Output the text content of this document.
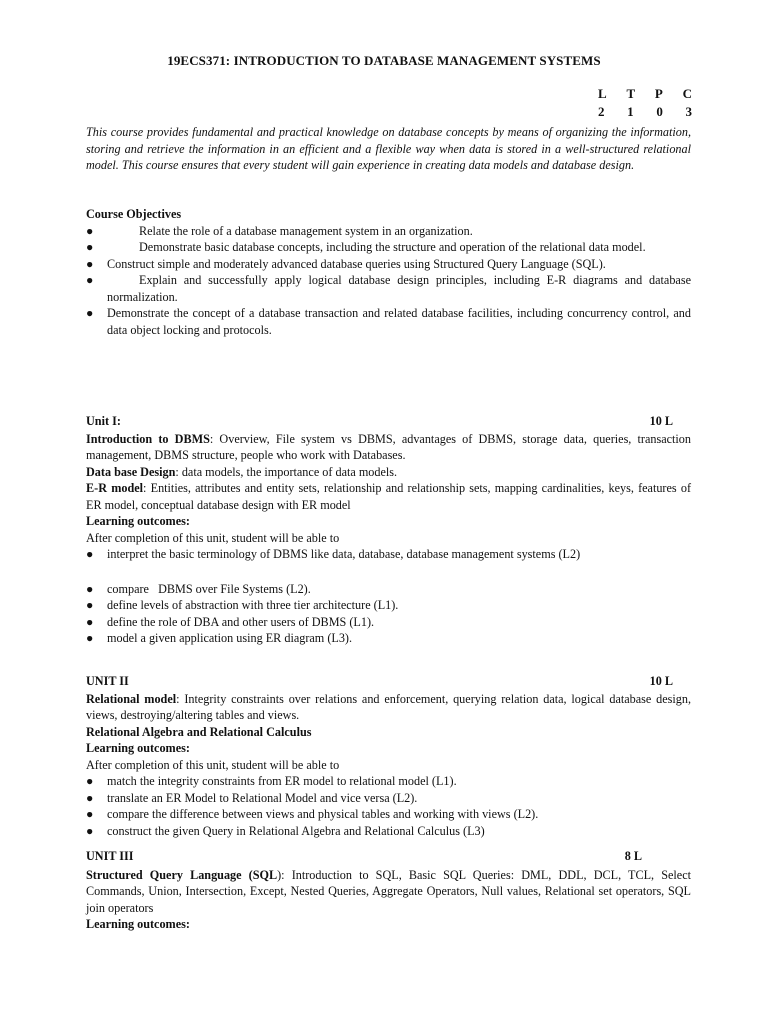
19ECS371: INTRODUCTION TO DATABASE MANAGEMENT SYSTEMS
L T P C
2 1 0 3
This course provides fundamental and practical knowledge on database concepts by means of organizing the information, storing and retrieve the information in an efficient and a flexible way when data is stored in a well-structured relational model. This course ensures that every student will gain experience in creating data models and database design.
Course Objectives
●	Relate the role of a database management system in an organization.
●	Demonstrate basic database concepts, including the structure and operation of the relational data model.
● Construct simple and moderately advanced database queries using Structured Query Language (SQL).
●	Explain and successfully apply logical database design principles, including E-R diagrams and database normalization.
● Demonstrate the concept of a database transaction and related database facilities, including concurrency control, and data object locking and protocols.
Unit I:	10 L
Introduction to DBMS: Overview, File system vs DBMS, advantages of DBMS, storage data, queries, transaction management, DBMS structure, people who work with Databases.
Data base Design: data models, the importance of data models.
E-R model: Entities, attributes and entity sets, relationship and relationship sets, mapping cardinalities, keys, features of ER model, conceptual database design with ER model
Learning outcomes:
After completion of this unit, student will be able to
● interpret the basic terminology of DBMS like data, database, database management systems (L2)
● compare   DBMS over File Systems (L2).
● define levels of abstraction with three tier architecture (L1).
● define the role of DBA and other users of DBMS (L1).
● model a given application using ER diagram (L3).
UNIT II	10 L
Relational model: Integrity constraints over relations and enforcement, querying relation data, logical database design, views, destroying/altering tables and views.
Relational Algebra and Relational Calculus
Learning outcomes:
After completion of this unit, student will be able to
● match the integrity constraints from ER model to relational model (L1).
● translate an ER Model to Relational Model and vice versa (L2).
● compare the difference between views and physical tables and working with views (L2).
● construct the given Query in Relational Algebra and Relational Calculus (L3)
UNIT III	8 L
Structured Query Language (SQL): Introduction to SQL, Basic SQL Queries: DML, DDL, DCL, TCL, Select Commands, Union, Intersection, Except, Nested Queries, Aggregate Operators, Null values, Relational set operators, SQL join operators
Learning outcomes:
